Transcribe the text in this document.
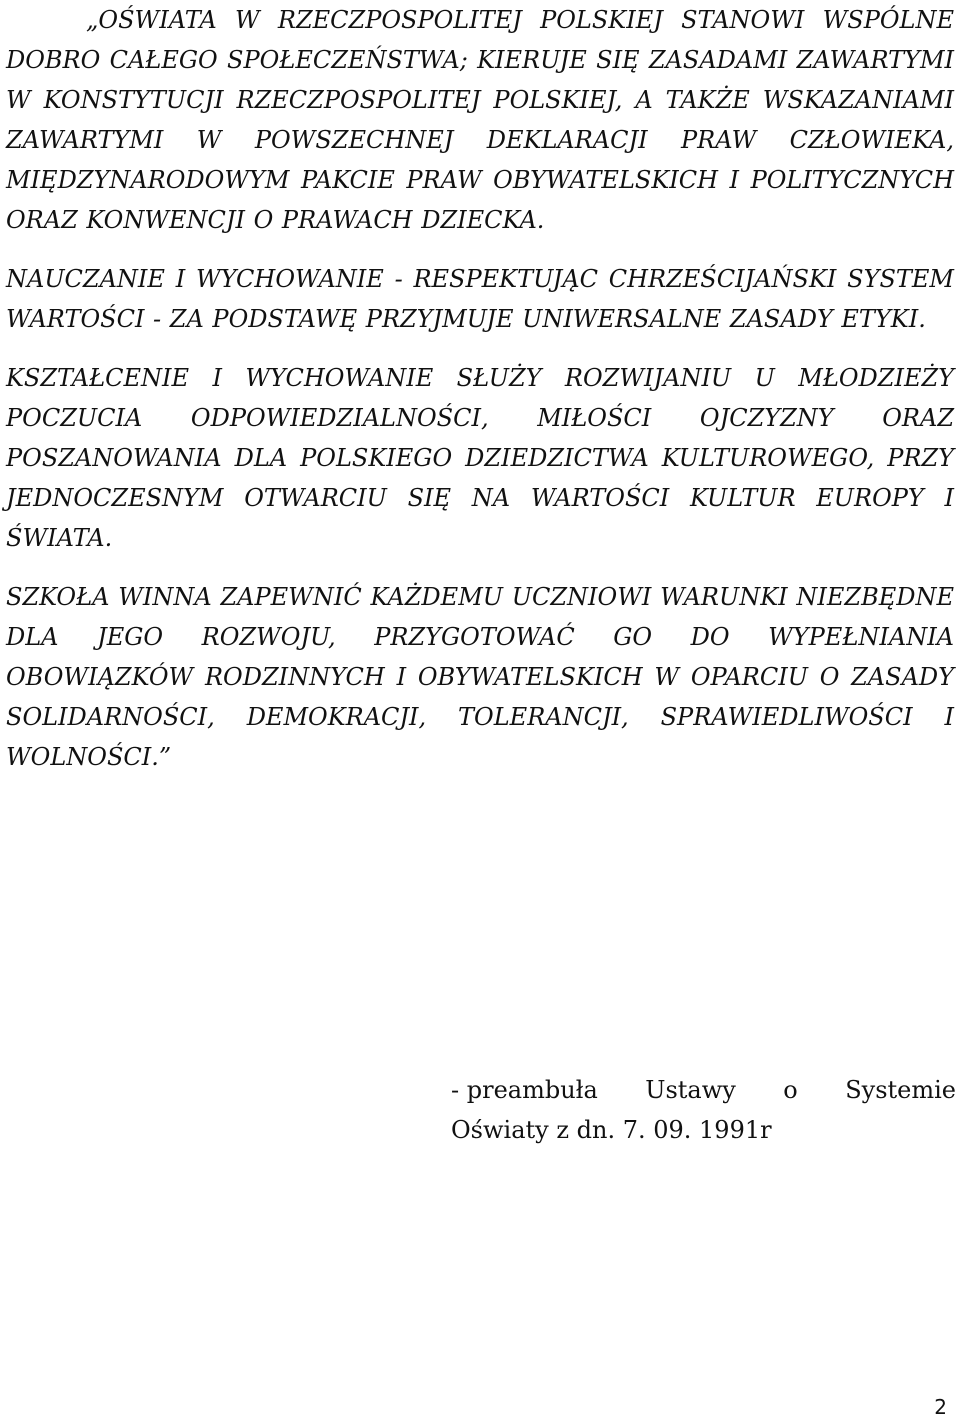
„OŚWIATA W RZECZPOSPOLITEJ POLSKIEJ STANOWI WSPÓLNE DOBRO CAŁEGO SPOŁECZEŃSTWA; KIERUJE SIĘ ZASADAMI ZAWARTYMI W KONSTYTUCJI RZECZPOSPOLITEJ POLSKIEJ, A TAKŻE WSKAZANIAMI ZAWARTYMI W POWSZECHNEJ DEKLARACJI PRAW CZŁOWIEKA, MIĘDZYNARODOWYM PAKCIE PRAW OBYWATELSKICH I POLITYCZNYCH ORAZ KONWENCJI O PRAWACH DZIECKA.

NAUCZANIE I WYCHOWANIE - RESPEKTUJĄC CHRZEŚCIJAŃSKI SYSTEM WARTOŚCI - ZA PODSTAWĘ PRZYJMUJE UNIWERSALNE ZASADY ETYKI.

KSZTAŁCENIE I WYCHOWANIE SŁUŻY ROZWIJANIU U MŁODZIEŻY POCZUCIA ODPOWIEDZIALNOŚCI, MIŁOŚCI OJCZYZNY ORAZ POSZANOWANIA DLA POLSKIEGO DZIEDZICTWA KULTUROWEGO, PRZY JEDNOCZESNYM OTWARCIU SIĘ NA WARTOŚCI KULTUR EUROPY I ŚWIATA.

SZKOŁA WINNA ZAPEWNIĆ KAŻDEMU UCZNIOWI WARUNKI NIEZBĘDNE DLA JEGO ROZWOJU, PRZYGOTOWAĆ GO DO WYPEŁNIANIA OBOWIĄZKÓW RODZINNYCH I OBYWATELSKICH W OPARCIU O ZASADY SOLIDARNOŚCI, DEMOKRACJI, TOLERANCJI, SPRAWIEDLIWOŚCI I WOLNOŚCI.”

- preambuła Ustawy o Systemie
Oświaty z dn. 7. 09. 1991r
2
